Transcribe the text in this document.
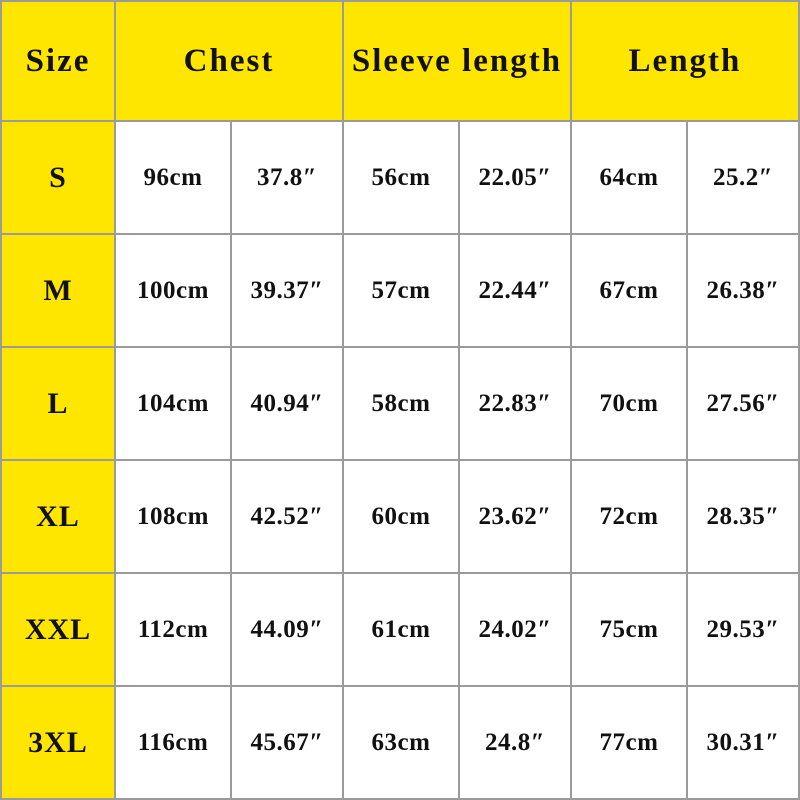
Size	Chest		Sleeve length		Length	
S	96cm	37.8″	56cm	22.05″	64cm	25.2″
M	100cm	39.37″	57cm	22.44″	67cm	26.38″
L	104cm	40.94″	58cm	22.83″	70cm	27.56″
XL	108cm	42.52″	60cm	23.62″	72cm	28.35″
XXL	112cm	44.09″	61cm	24.02″	75cm	29.53″
3XL	116cm	45.67″	63cm	24.8″	77cm	30.31″
